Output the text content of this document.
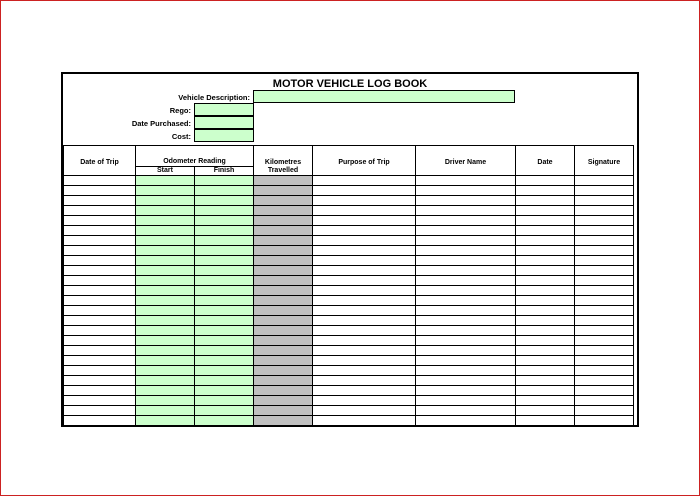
MOTOR VEHICLE LOG BOOK
Vehicle Description:
Rego:
Date Purchased:
Cost:
Date of Trip	Odometer Reading		Kilometres	Purpose of Trip	Driver Name	Date	Signature
	Start	Finish	Travelled				
